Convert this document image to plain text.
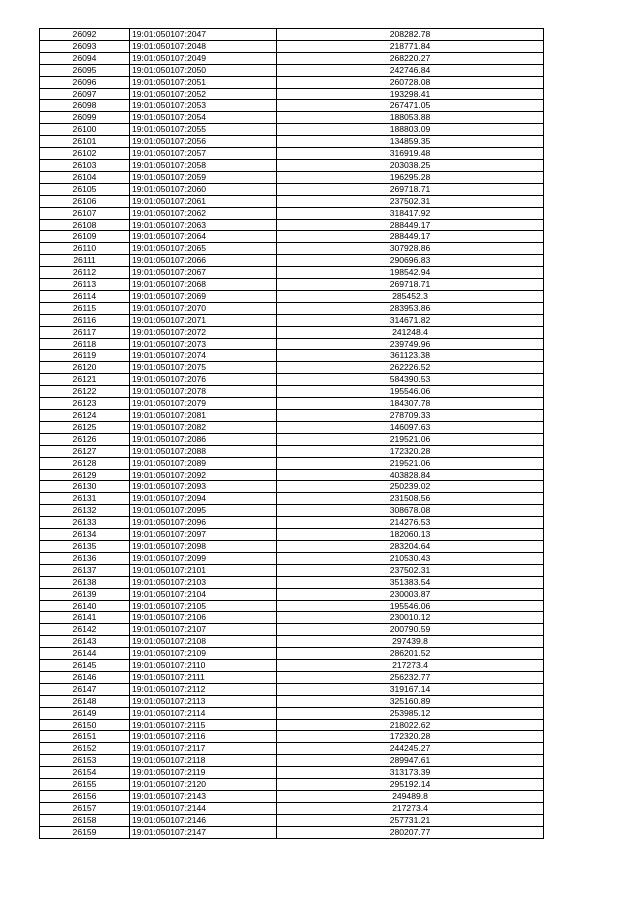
26092	19:01:050107:2047	208282.78
26093	19:01:050107:2048	218771.84
26094	19:01:050107:2049	268220.27
26095	19:01:050107:2050	242746.84
26096	19:01:050107:2051	260728.08
26097	19:01:050107:2052	193298.41
26098	19:01:050107:2053	267471.05
26099	19:01:050107:2054	188053.88
26100	19:01:050107:2055	188803.09
26101	19:01:050107:2056	134859.35
26102	19:01:050107:2057	316919.48
26103	19:01:050107:2058	203038.25
26104	19:01:050107:2059	196295.28
26105	19:01:050107:2060	269718.71
26106	19:01:050107:2061	237502.31
26107	19:01:050107:2062	318417.92
26108	19:01:050107:2063	288449.17
26109	19:01:050107:2064	288449.17
26110	19:01:050107:2065	307928.86
26111	19:01:050107:2066	290696.83
26112	19:01:050107:2067	198542.94
26113	19:01:050107:2068	269718.71
26114	19:01:050107:2069	285452.3
26115	19:01:050107:2070	283953.86
26116	19:01:050107:2071	314671.82
26117	19:01:050107:2072	241248.4
26118	19:01:050107:2073	239749.96
26119	19:01:050107:2074	361123.38
26120	19:01:050107:2075	262226.52
26121	19:01:050107:2076	584390.53
26122	19:01:050107:2078	195546.06
26123	19:01:050107:2079	184307.78
26124	19:01:050107:2081	278709.33
26125	19:01:050107:2082	146097.63
26126	19:01:050107:2086	219521.06
26127	19:01:050107:2088	172320.28
26128	19:01:050107:2089	219521.06
26129	19:01:050107:2092	403828.84
26130	19:01:050107:2093	250239.02
26131	19:01:050107:2094	231508.56
26132	19:01:050107:2095	308678.08
26133	19:01:050107:2096	214276.53
26134	19:01:050107:2097	182060.13
26135	19:01:050107:2098	283204.64
26136	19:01:050107:2099	210530.43
26137	19:01:050107:2101	237502.31
26138	19:01:050107:2103	351383.54
26139	19:01:050107:2104	230003.87
26140	19:01:050107:2105	195546.06
26141	19:01:050107:2106	230010.12
26142	19:01:050107:2107	200790.59
26143	19:01:050107:2108	297439.8
26144	19:01:050107:2109	286201.52
26145	19:01:050107:2110	217273.4
26146	19:01:050107:2111	256232.77
26147	19:01:050107:2112	319167.14
26148	19:01:050107:2113	325160.89
26149	19:01:050107:2114	253985.12
26150	19:01:050107:2115	218022.62
26151	19:01:050107:2116	172320.28
26152	19:01:050107:2117	244245.27
26153	19:01:050107:2118	289947.61
26154	19:01:050107:2119	313173.39
26155	19:01:050107:2120	295192.14
26156	19:01:050107:2143	249489.8
26157	19:01:050107:2144	217273.4
26158	19:01:050107:2146	257731.21
26159	19:01:050107:2147	280207.77
